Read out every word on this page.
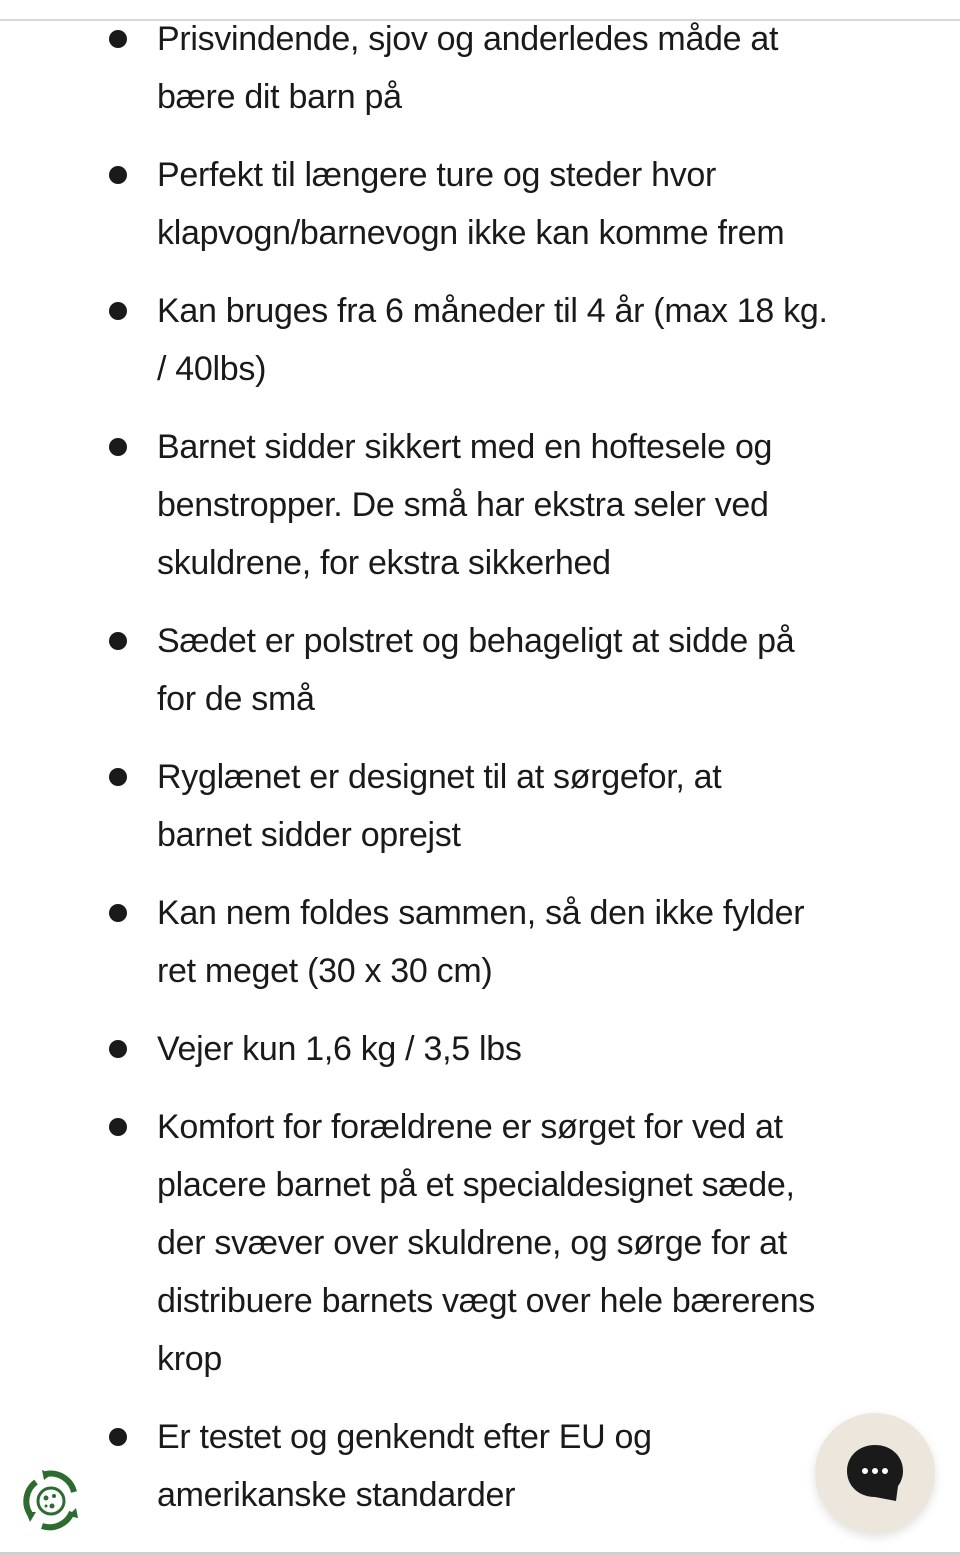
Prisvindende, sjov og anderledes måde at
bære dit barn på
Perfekt til længere ture og steder hvor
klapvogn/barnevogn ikke kan komme frem
Kan bruges fra 6 måneder til 4 år (max 18 kg.
/ 40lbs)
Barnet sidder sikkert med en hoftesele og
benstropper. De små har ekstra seler ved
skuldrene, for ekstra sikkerhed
Sædet er polstret og behageligt at sidde på
for de små
Ryglænet er designet til at sørgefor, at
barnet sidder oprejst
Kan nem foldes sammen, så den ikke fylder
ret meget (30 x 30 cm)
Vejer kun 1,6 kg / 3,5 lbs
Komfort for forældrene er sørget for ved at
placere barnet på et specialdesignet sæde,
der svæver over skuldrene, og sørge for at
distribuere barnets vægt over hele bærerens
krop
Er testet og genkendt efter EU og
amerikanske standarder
